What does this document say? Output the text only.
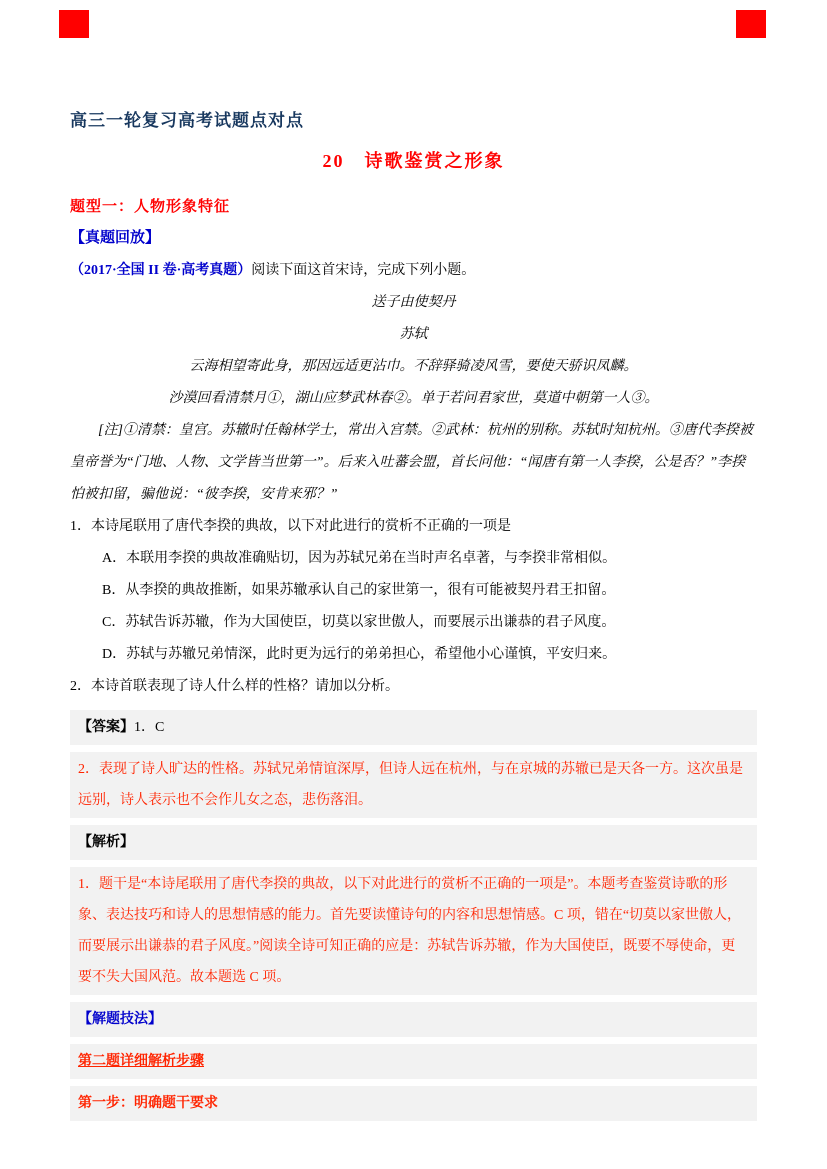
高三一轮复习高考试题点对点
20　诗歌鉴赏之形象
题型一：人物形象特征
【真题回放】

（2017·全国 II 卷·高考真题）阅读下面这首宋诗，完成下列小题。

送子由使契丹

苏轼

云海相望寄此身，那因远适更沾巾。不辞驿骑凌风雪，要使天骄识凤麟。

沙漠回看清禁月①，湖山应梦武林春②。单于若问君家世，莫道中朝第一人③。

[注]①清禁：皇宫。苏辙时任翰林学士，常出入宫禁。②武林：杭州的别称。苏轼时知杭州。③唐代李揆被皇帝誉为“门地、人物、文学皆当世第一”。后来入吐蕃会盟，首长问他：“闻唐有第一人李揆，公是否？”李揆怕被扣留，骗他说：“彼李揆，安肯来邪？”

1．本诗尾联用了唐代李揆的典故，以下对此进行的赏析不正确的一项是

A．本联用李揆的典故准确贴切，因为苏轼兄弟在当时声名卓著，与李揆非常相似。

B．从李揆的典故推断，如果苏辙承认自己的家世第一，很有可能被契丹君王扣留。

C．苏轼告诉苏辙，作为大国使臣，切莫以家世傲人，而要展示出谦恭的君子风度。

D．苏轼与苏辙兄弟情深，此时更为远行的弟弟担心，希望他小心谨慎，平安归来。

2．本诗首联表现了诗人什么样的性格？请加以分析。

【答案】1．C

2．表现了诗人旷达的性格。苏轼兄弟情谊深厚，但诗人远在杭州，与在京城的苏辙已是天各一方。这次虽是远别，诗人表示也不会作儿女之态，悲伤落泪。

【解析】

1．题干是“本诗尾联用了唐代李揆的典故，以下对此进行的赏析不正确的一项是”。本题考查鉴赏诗歌的形象、表达技巧和诗人的思想情感的能力。首先要读懂诗句的内容和思想情感。C 项，错在“切莫以家世傲人，而要展示出谦恭的君子风度。”阅读全诗可知正确的应是：苏轼告诉苏辙，作为大国使臣，既要不辱使命，更要不失大国风范。故本题选 C 项。

【解题技法】

第二题详细解析步骤

第一步：明确题干要求
